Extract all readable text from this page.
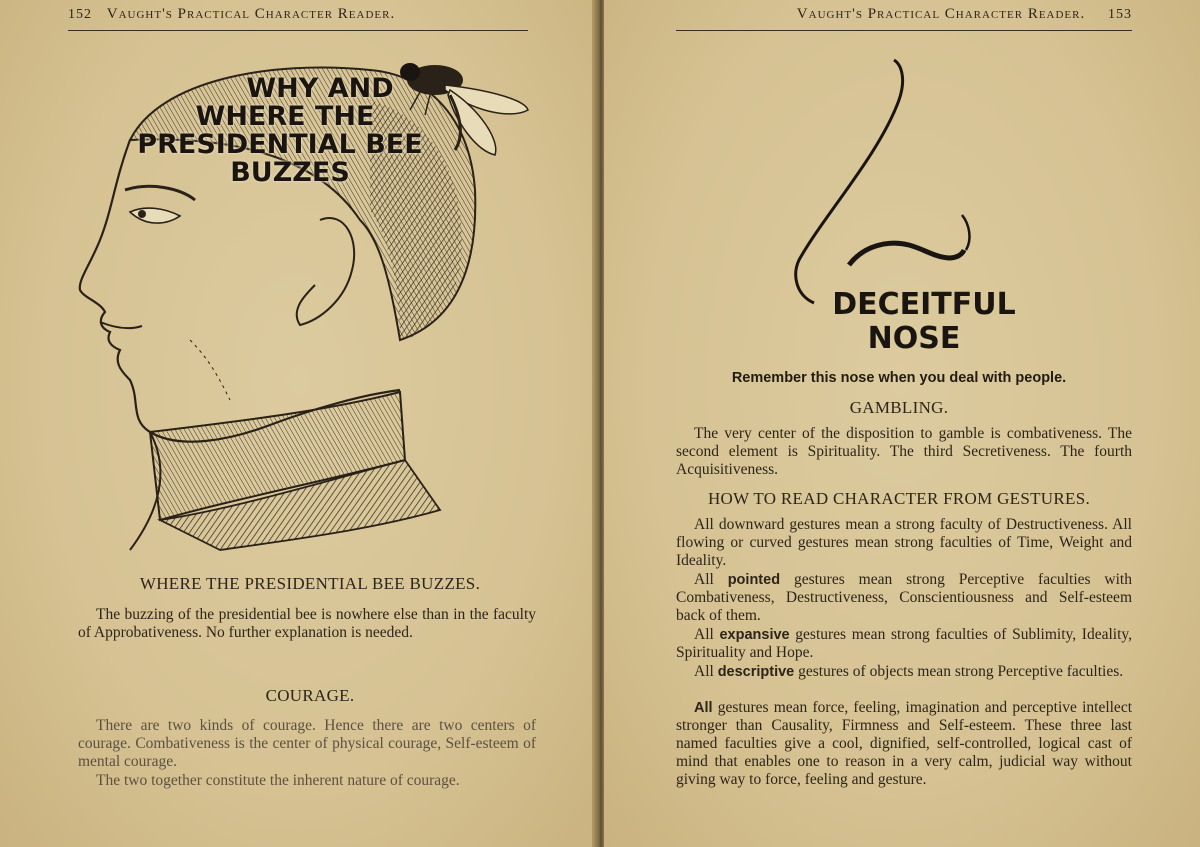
152 Vaught's Practical Character Reader.
WHY AND
WHERE THE
PRESIDENTIAL BEE
BUZZES
WHERE THE PRESIDENTIAL BEE BUZZES.
The buzzing of the presidential bee is nowhere else than in the faculty of Approbativeness. No further explanation is needed.
COURAGE.
There are two kinds of courage. Hence there are two centers of courage. Combativeness is the center of physical courage, Self-esteem of mental courage.
The two together constitute the inherent nature of courage.
Vaught's Practical Character Reader. 153
DECEITFUL
NOSE
Remember this nose when you deal with people.
GAMBLING.
The very center of the disposition to gamble is combativeness. The second element is Spirituality. The third Secretiveness. The fourth Acquisitiveness.
HOW TO READ CHARACTER FROM GESTURES.
All downward gestures mean a strong faculty of Destructiveness. All flowing or curved gestures mean strong faculties of Time, Weight and Ideality.
All pointed gestures mean strong Perceptive faculties with Combativeness, Destructiveness, Conscientiousness and Self-esteem back of them.
All expansive gestures mean strong faculties of Sublimity, Ideality, Spirituality and Hope.
All descriptive gestures of objects mean strong Perceptive faculties.
All gestures mean force, feeling, imagination and perceptive intellect stronger than Causality, Firmness and Self-esteem. These three last named faculties give a cool, dignified, self-controlled, logical cast of mind that enables one to reason in a very calm, judicial way without giving way to force, feeling and gesture.
